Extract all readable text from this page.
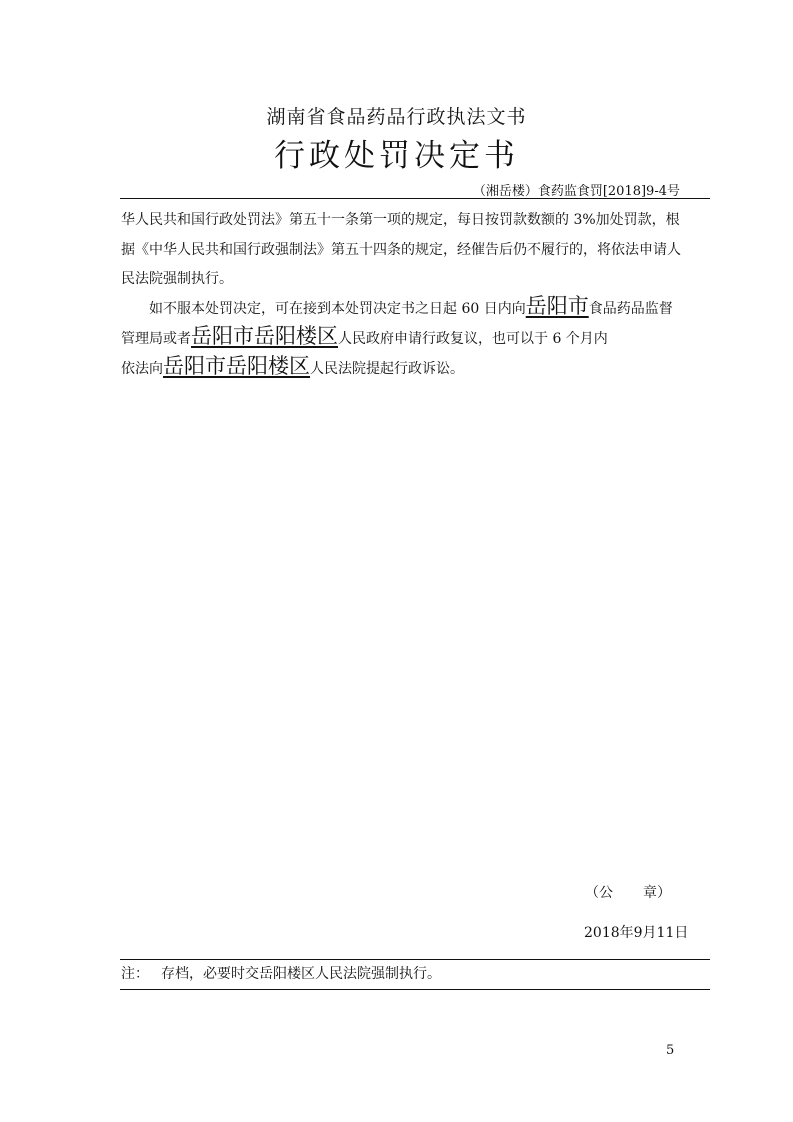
湖南省食品药品行政执法文书
行政处罚决定书
（湘岳楼）食药监食罚[2018]9-4号
华人民共和国行政处罚法》第五十一条第一项的规定，每日按罚款数额的 3%加处罚款，根
据《中华人民共和国行政强制法》第五十四条的规定，经催告后仍不履行的，将依法申请人
民法院强制执行。
如不服本处罚决定，可在接到本处罚决定书之日起 60 日内向岳阳市食品药品监督
管理局或者岳阳市岳阳楼区人民政府申请行政复议，也可以于 6 个月内
依法向岳阳市岳阳楼区人民法院提起行政诉讼。
（公 章）
2018年9月11日
注： 存档，必要时交岳阳楼区人民法院强制执行。
5
